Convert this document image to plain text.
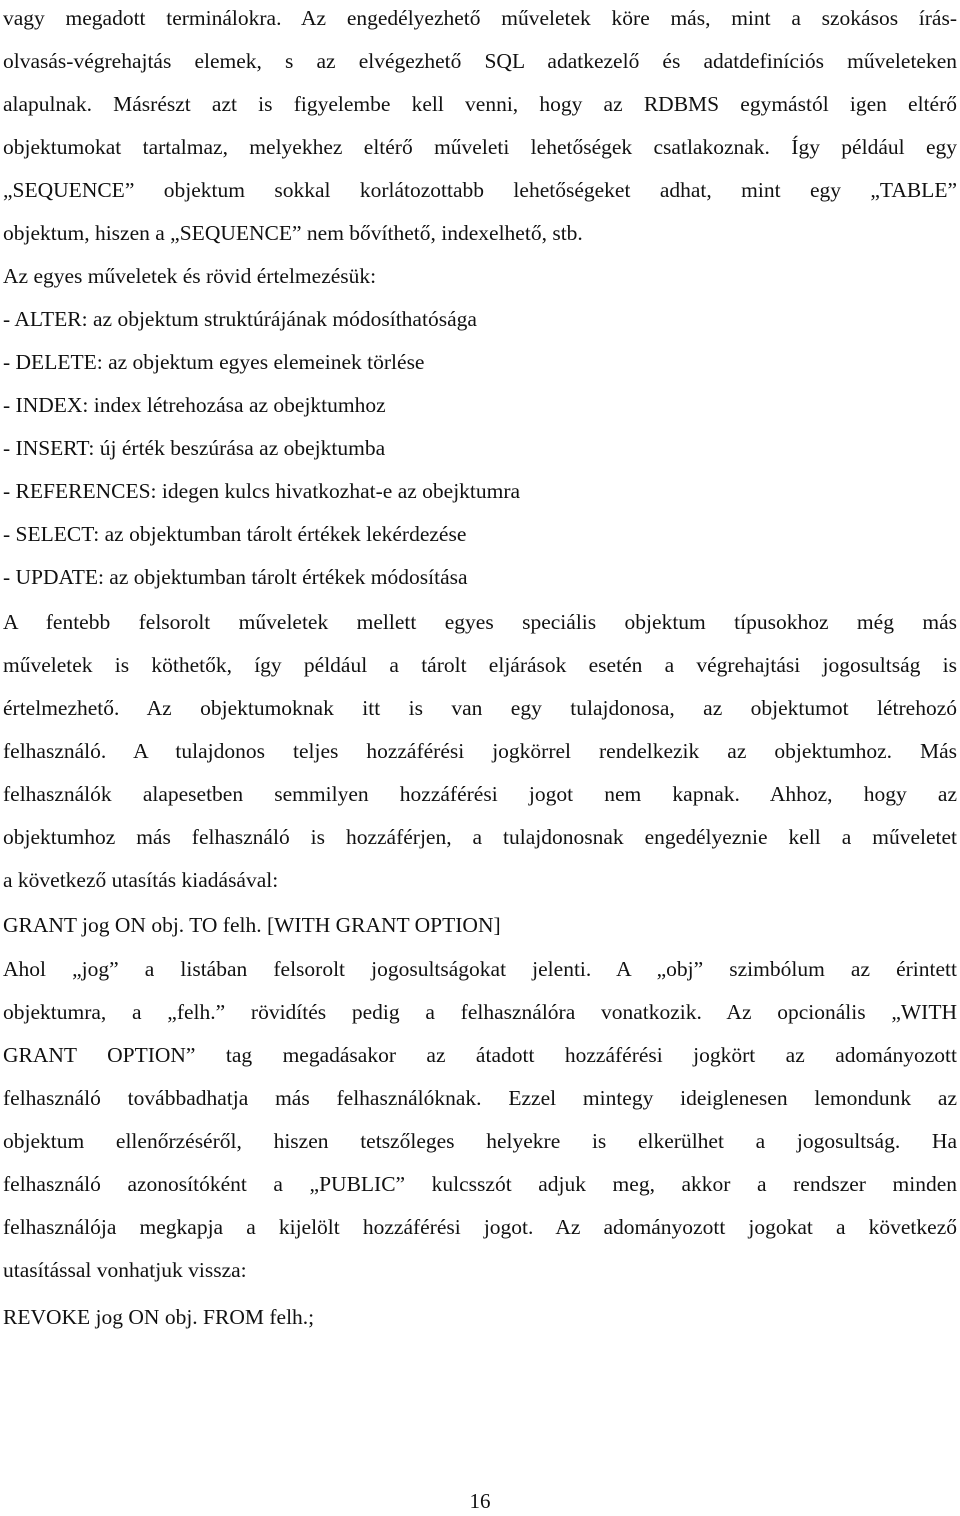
vagy megadott terminálokra. Az engedélyezhető műveletek köre más, mint a szokásos írás-
olvasás-végrehajtás elemek, s az elvégezhető SQL adatkezelő és adatdefiníciós műveleteken
alapulnak. Másrészt azt is figyelembe kell venni, hogy az RDBMS egymástól igen eltérő
objektumokat tartalmaz, melyekhez eltérő műveleti lehetőségek csatlakoznak. Így például egy
„SEQUENCE” objektum sokkal korlátozottabb lehetőségeket adhat, mint egy „TABLE”
objektum, hiszen a „SEQUENCE” nem bővíthető, indexelhető, stb.
Az egyes műveletek és rövid értelmezésük:
- ALTER: az objektum struktúrájának módosíthatósága
- DELETE: az objektum egyes elemeinek törlése
- INDEX: index létrehozása az obejktumhoz
- INSERT: új érték beszúrása az obejktumba
- REFERENCES: idegen kulcs hivatkozhat-e az obejktumra
- SELECT: az objektumban tárolt értékek lekérdezése
- UPDATE: az objektumban tárolt értékek módosítása
A fentebb felsorolt műveletek mellett egyes speciális objektum típusokhoz még más
műveletek is köthetők, így például a tárolt eljárások esetén a végrehajtási jogosultság is
értelmezhető. Az objektumoknak itt is van egy tulajdonosa, az objektumot létrehozó
felhasználó. A tulajdonos teljes hozzáférési jogkörrel rendelkezik az objektumhoz. Más
felhasználók alapesetben semmilyen hozzáférési jogot nem kapnak. Ahhoz, hogy az
objektumhoz más felhasználó is hozzáférjen, a tulajdonosnak engedélyeznie kell a műveletet
a következő utasítás kiadásával:
GRANT jog ON obj. TO felh. [WITH GRANT OPTION]
Ahol „jog” a listában felsorolt jogosultságokat jelenti. A „obj” szimbólum az érintett
objektumra, a „felh.” rövidítés pedig a felhasználóra vonatkozik. Az opcionális „WITH
GRANT OPTION” tag megadásakor az átadott hozzáférési jogkört az adományozott
felhasználó továbbadhatja más felhasználóknak. Ezzel mintegy ideiglenesen lemondunk az
objektum ellenőrzéséről, hiszen tetszőleges helyekre is elkerülhet a jogosultság. Ha
felhasználó azonosítóként a „PUBLIC” kulcsszót adjuk meg, akkor a rendszer minden
felhasználója megkapja a kijelölt hozzáférési jogot. Az adományozott jogokat a következő
utasítással vonhatjuk vissza:
REVOKE jog ON obj. FROM felh.;
16
